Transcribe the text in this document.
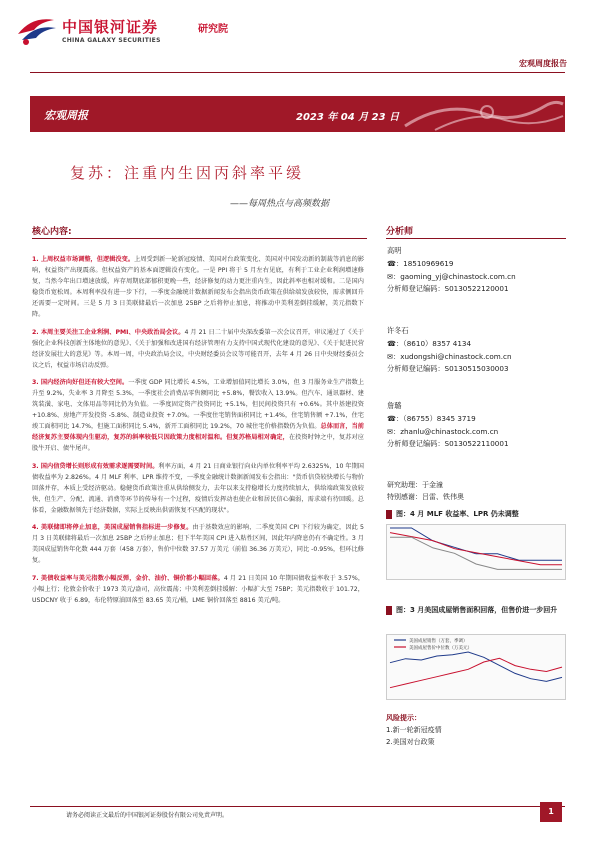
中国银河证券	研究院
CHINA GALAXY SECURITIES
宏观周度报告
宏观周报	2023 年 04 月 23 日
复苏：注重内生因丙斜率平缓
——每周热点与高频数据
核心内容:	分析师
1. 上周权益市场调整，但逻辑没变。上周受到新一轮新冠疫情、美国对台政策变化、美国对中国发动新的制裁等消息的影响，权益资产出现震荡。但权益资产的基本面逻辑没有变化。一是 PPI 将于 5 月左右见底，有利于工业企业利润增速修复，当然今年出口增速放缓，库存周期底部郁积更晚一些，经济修复的动力更注重内生，因此斜率也相对缓和。二是国内稳货币宽松周。本周利率没有进一步下行，一季度金融统计数据新闻发布会指出货币政策在供给端发放较快，需求侧回升还需要一定时间。三是 5 月 3 日美联储最后一次加息 25BP 之后将停止加息，将推动中美利差倒挂缓解，美元指数下降。
2. 本周主要关注工企业利润、PMI、中央政治局会议。4 月 21 日二十届中央深改委第一次会议召开，审议通过了《关于强化企业科技创新主体地位的意见》、《关于加强和改进国有经济管理有力支持中国式现代化建设的意见》、《关于促进民营经济发展壮大的意见》等。本周一周，中央政治局会议，中央财经委员会议等可能召开，去年 4 月 26 日中央财经委员会议之后，权益市场启动反弹。
3. 国内经济向好但还有较大空间。一季度 GDP 同比增长 4.5%，工业增加值同比增长 3.0%，但 3 月服务业生产指数上升至 9.2%，失业率 3 月降至 5.3%，一季度社会消费品零售额同比 +5.8%，餐饮收入 13.9%。但汽车、通讯器材、建筑装潢、家电、文体用品等同比仍为负值。一季度固定资产投资同比 +5.1%，但民间投资只有 +0.6%。其中基建投资 +10.8%、房地产开发投资 -5.8%、制造业投资 +7.0%。一季度住宅销售面积同比 +1.4%，住宅销售额 +7.1%，住宅竣工面积同比 14.7%，但施工面积同比 5.4%，新开工面积同比 19.2%，70 城住宅价格指数仍为负值。总体而言，当前经济复苏主要体现内生驱动，复苏的斜率较低只因政策力度相对温和。但复苏格局相对确定，在投资时钟之中，复苏对应股牛开启、债牛尾声。
3. 国内信贷增长则形成有效需求逐需要时间。利率方面，4 月 21 日商业银行向业内单位利率平均 2.6325%，10 年期国债收益率为 2.826%。4 月 MLF 利率、LPR 维持不变，一季度金融统计数据新闻发布会指出："货币信贷较快增长与物价回落并存，本质上受经济驱动。稳健货币政策注重从供给侧发力，去年以来支持稳增长力度持续加大，供给端政策发放较快，但生产、分配、流通、消费等环节的传导有一个过程，疫情后发挥动也使企业和居民信心偏弱，需求端有待回暖。总体看，金融数据领先于经济数据，实际上反映出供需恢复不匹配的现状"。
4. 美联储即将停止加息，美国成屋销售指标进一步修复。由于基数效应的影响，二季度美国 CPI 下行较为确定，因此 5 月 3 日美联储将最后一次加息 25BP 之后停止加息；但下半年美国 CPI 进入粘性区间，因此年内降息仍有不确定性。3 月美国成屋销售年化数 444 万套（458 万套），售价中位数 37.57 万美元（前值 36.36 万美元），同比 -0.95%，但环比修复。
7. 美债收益率与美元指数小幅反弹，金价、油价、铜价都小幅回落。4 月 21 日美国 10 年期国债收益率收于 3.57%，小幅上行；伦敦金价收于 1973 美元/盎司，高位震荡；中美利差倒挂缓解：小幅扩大至 75BP；美元指数收于 101.72，USDCNY 收于 6.89，布伦特原油回落至 83.65 美元/桶，LME 铜价回落至 8816 美元/吨。
高明
☎：18510969619
✉：gaoming_yj@chinastock.com.cn
分析师登记编码：S0130522120001
许冬石
☎：（8610）8357 4134
✉：xudongshi@chinastock.com.cn
分析师登记编码：S0130515030003
詹璐
☎：（86755）8345 3719
✉：zhanlu@chinastock.com.cn
分析师登记编码：S0130522110001
研究助理：于金潼
特别感谢：吕雷、铁伟奥
图：4 月 MLF 收益率、LPR 仍未调整
图：3 月美国成屋销售面积回落，但售价进一步回升
美国成屋销售（万套，季调）
美国成屋售价中位数（万美元）
风险提示：
1.新一轮新冠疫情
2.美国对台政策
请务必阅读正文最后的中国银河证券股份有限公司免责声明。	1
